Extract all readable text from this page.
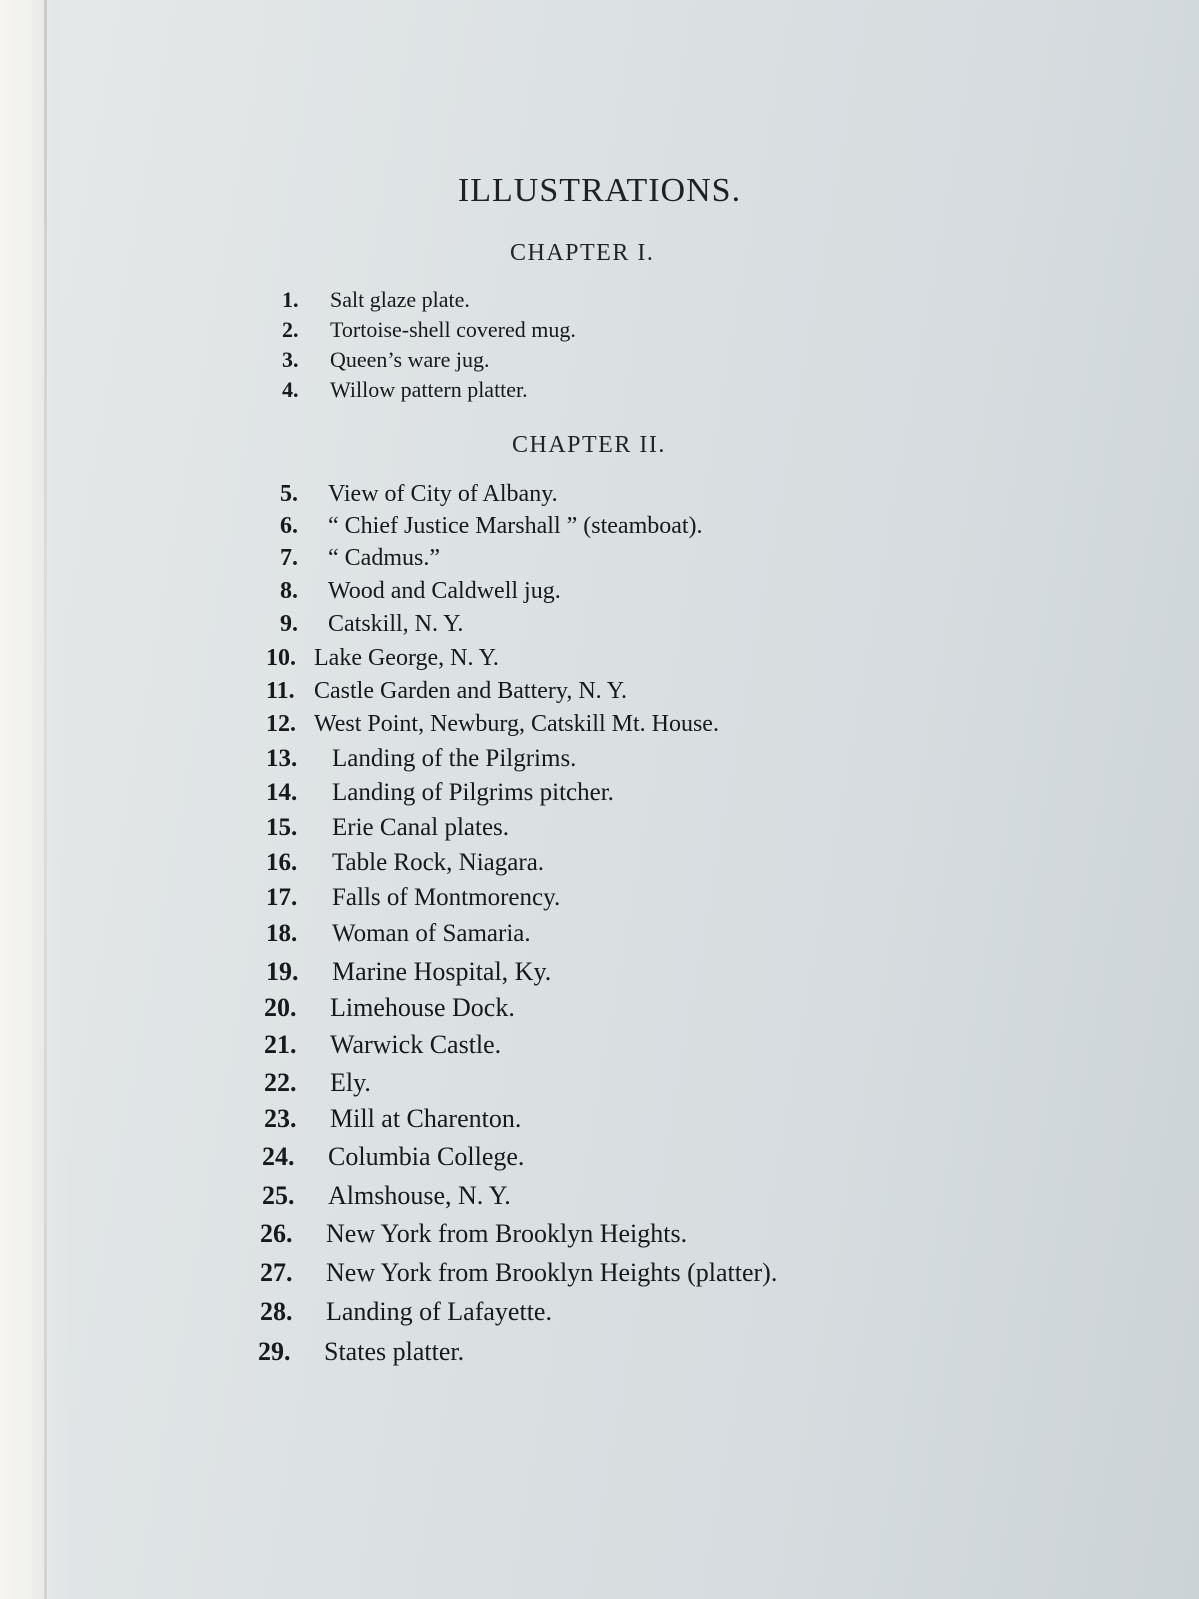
ILLUSTRATIONS.
CHAPTER I.
CHAPTER II.
1.	Salt glaze plate.
2.	Tortoise-shell covered mug.
3.	Queen’s ware jug.
4.	Willow pattern platter.
5.	View of City of Albany.
6.	“ Chief Justice Marshall ” (steamboat).
7.	“ Cadmus.”
8.	Wood and Caldwell jug.
9.	Catskill, N. Y.
10. Lake George, N. Y.
11. Castle Garden and Battery, N. Y.
12. West Point, Newburg, Catskill Mt. House.
13.	Landing of the Pilgrims.
14.	Landing of Pilgrims pitcher.
15.	Erie Canal plates.
16.	Table Rock, Niagara.
17.	Falls of Montmorency.
18.	Woman of Samaria.
19.	Marine Hospital, Ky.
20.	Limehouse Dock.
21.	Warwick Castle.
22.	Ely.
23.	Mill at Charenton.
24.	Columbia College.
25.	Almshouse, N. Y.
26.	New York from Brooklyn Heights.
27.	New York from Brooklyn Heights (platter).
28.	Landing of Lafayette.
29.	States platter.
